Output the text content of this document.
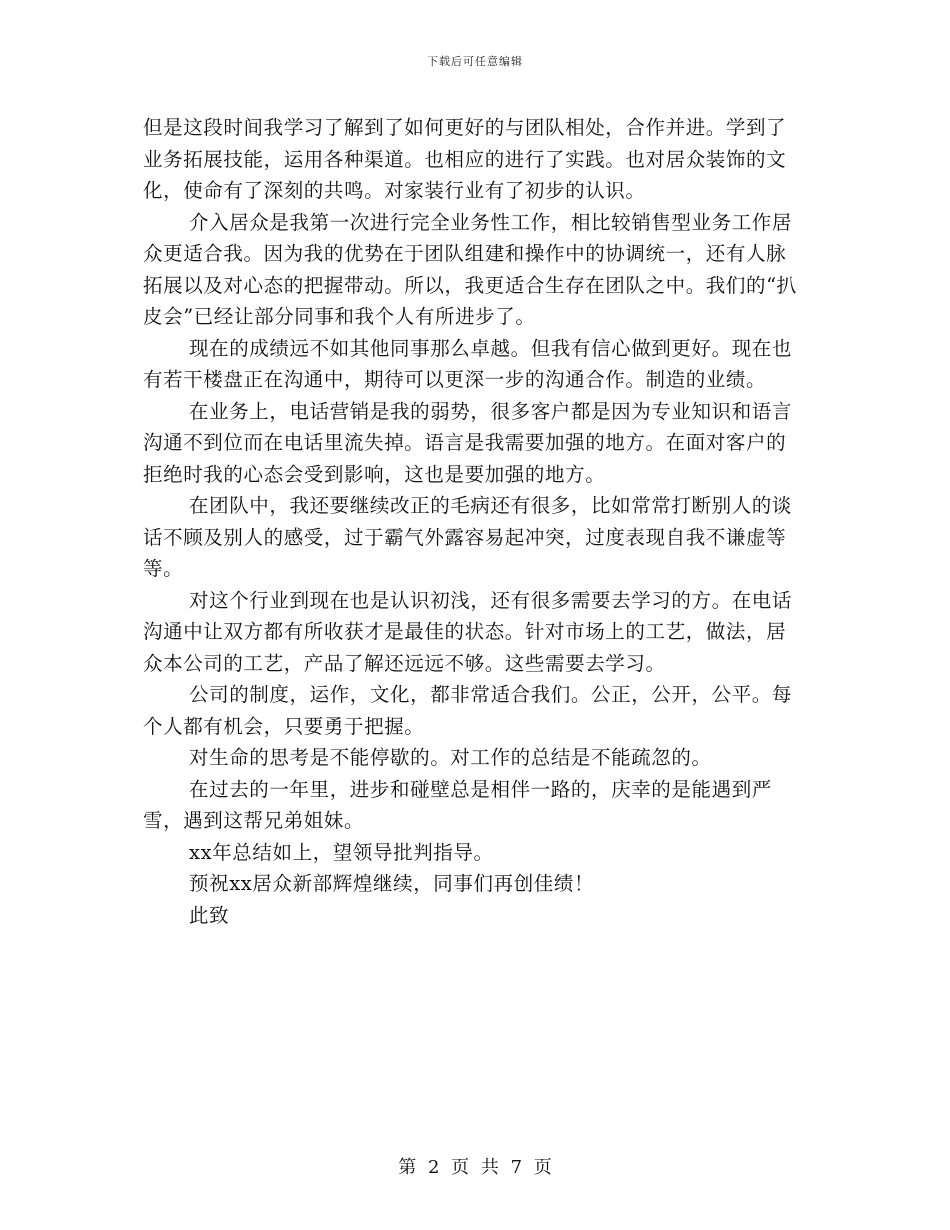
下载后可任意编辑

但是这段时间我学习了解到了如何更好的与团队相处，合作并进。学到了业务拓展技能，运用各种渠道。也相应的进行了实践。也对居众装饰的文化，使命有了深刻的共鸣。对家装行业有了初步的认识。

介入居众是我第一次进行完全业务性工作，相比较销售型业务工作居众更适合我。因为我的优势在于团队组建和操作中的协调统一，还有人脉拓展以及对心态的把握带动。所以，我更适合生存在团队之中。我们的“扒皮会”已经让部分同事和我个人有所进步了。

现在的成绩远不如其他同事那么卓越。但我有信心做到更好。现在也有若干楼盘正在沟通中，期待可以更深一步的沟通合作。制造的业绩。

在业务上，电话营销是我的弱势，很多客户都是因为专业知识和语言沟通不到位而在电话里流失掉。语言是我需要加强的地方。在面对客户的拒绝时我的心态会受到影响，这也是要加强的地方。

在团队中，我还要继续改正的毛病还有很多，比如常常打断别人的谈话不顾及别人的感受，过于霸气外露容易起冲突，过度表现自我不谦虚等等。

对这个行业到现在也是认识初浅，还有很多需要去学习的方。在电话沟通中让双方都有所收获才是最佳的状态。针对市场上的工艺，做法，居众本公司的工艺，产品了解还远远不够。这些需要去学习。

公司的制度，运作，文化，都非常适合我们。公正，公开，公平。每个人都有机会，只要勇于把握。

对生命的思考是不能停歇的。对工作的总结是不能疏忽的。

在过去的一年里，进步和碰壁总是相伴一路的，庆幸的是能遇到严雪，遇到这帮兄弟姐妹。

xx年总结如上，望领导批判指导。

预祝xx居众新部辉煌继续，同事们再创佳绩！

此致

第 2 页 共 7 页
